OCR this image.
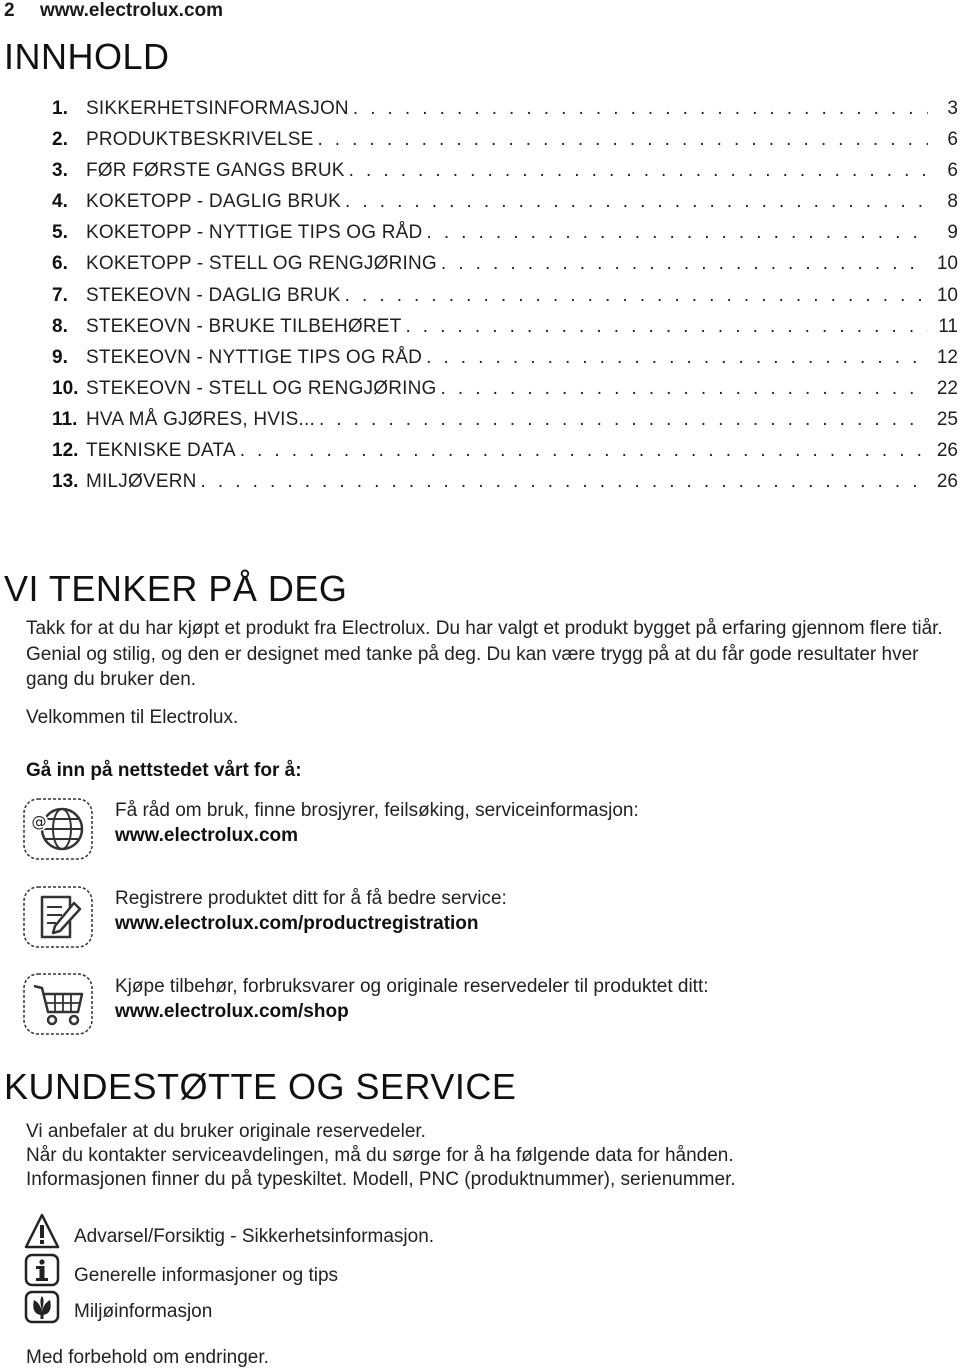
2 www.electrolux.com
INNHOLD
1. SIKKERHETSINFORMASJON . . .	3
2. PRODUKTBESKRIVELSE . . .	6
3. FØR FØRSTE GANGS BRUK . . .	6
4. KOKETOPP - DAGLIG BRUK . . .	8
5. KOKETOPP - NYTTIGE TIPS OG RÅD . . .	9
6. KOKETOPP - STELL OG RENGJØRING . . .	10
7. STEKEOVN - DAGLIG BRUK . . .	10
8. STEKEOVN - BRUKE TILBEHØRET . . .	11
9. STEKEOVN - NYTTIGE TIPS OG RÅD . . .	12
10. STEKEOVN - STELL OG RENGJØRING . . .	22
11. HVA MÅ GJØRES, HVIS... . . .	25
12. TEKNISKE DATA . . .	26
13. MILJØVERN . . .	26
VI TENKER PÅ DEG
Takk for at du har kjøpt et produkt fra Electrolux. Du har valgt et produkt bygget på erfaring gjennom flere tiår. Genial og stilig, og den er designet med tanke på deg. Du kan være trygg på at du får gode resultater hver gang du bruker den.
Velkommen til Electrolux.
Gå inn på nettstedet vårt for å:
@
Få råd om bruk, finne brosjyrer, feilsøking, serviceinformasjon:
www.electrolux.com
Registrere produktet ditt for å få bedre service:
www.electrolux.com/productregistration
Kjøpe tilbehør, forbruksvarer og originale reservedeler til produktet ditt:
www.electrolux.com/shop
KUNDESTØTTE OG SERVICE
Vi anbefaler at du bruker originale reservedeler.
Når du kontakter serviceavdelingen, må du sørge for å ha følgende data for hånden.
Informasjonen finner du på typeskiltet. Modell, PNC (produktnummer), serienummer.
Advarsel/Forsiktig - Sikkerhetsinformasjon.
Generelle informasjoner og tips
Miljøinformasjon
Med forbehold om endringer.
